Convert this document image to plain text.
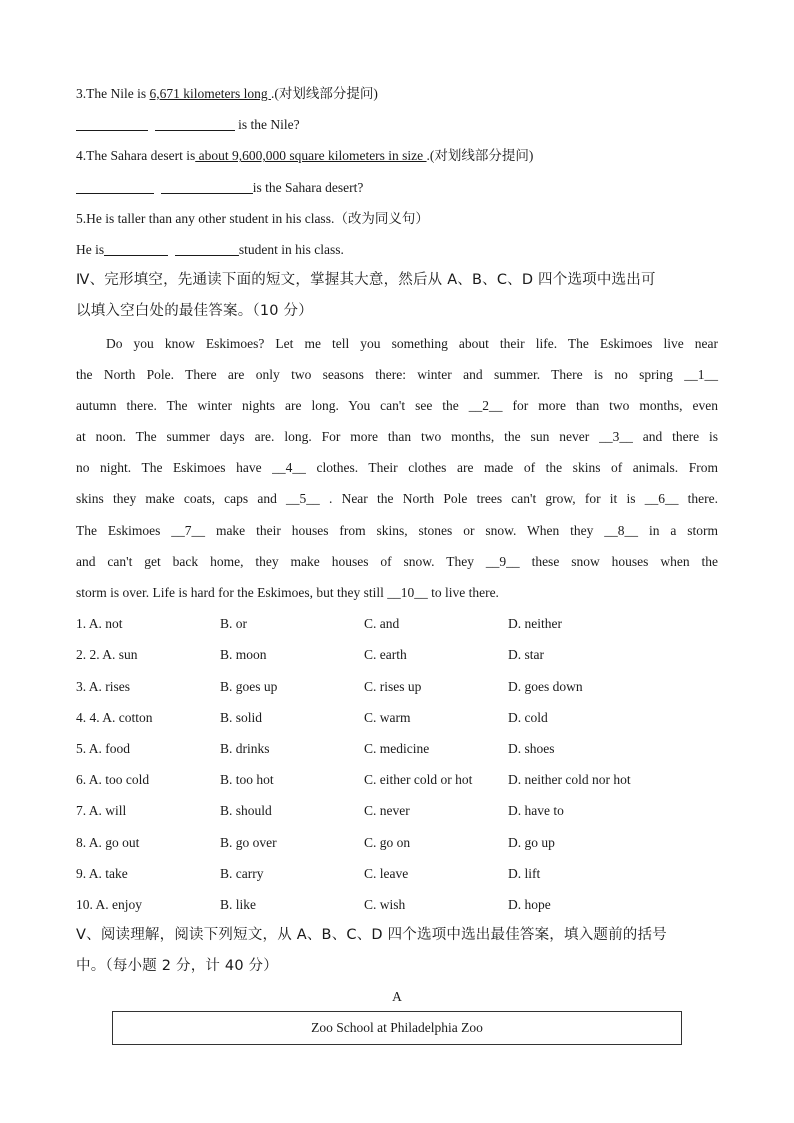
3.The Nile is 6,671 kilometers long .(对划线部分提问)
is the Nile?
4.The Sahara desert is about 9,600,000 square kilometers in size .(对划线部分提问)
is the Sahara desert?
5.He is taller than any other student in his class.（改为同义句）
He is	student in his class.
Ⅳ、完形填空，先通读下面的短文，掌握其大意，然后从 A、B、C、D 四个选项中选出可
以填入空白处的最佳答案。（10 分）
Do you know Eskimoes? Let me tell you something about their life. The Eskimoes live near
the North Pole. There are only two seasons there: winter and summer. There is no spring __1__
autumn there. The winter nights are long. You can't see the __2__ for more than two months, even
at noon. The summer days are. long. For more than two months, the sun never __3__ and there is
no night. The Eskimoes have __4__ clothes. Their clothes are made of the skins of animals. From
skins they make coats, caps and __5__ . Near the North Pole trees can't grow, for it is __6__ there.
The Eskimoes __7__ make their houses from skins, stones or snow. When they __8__ in a storm
and can't get back home, they make houses of snow. They __9__ these snow houses when the
storm is over. Life is hard for the Eskimoes, but they still __10__ to live there.
1. A. not	B. or	C. and	D. neither
2. 2. A. sun	B. moon	C. earth	D. star
3. A. rises	B. goes up	C. rises up	D. goes down
4. 4. A. cotton	B. solid	C. warm	D. cold
5. A. food	B. drinks	C. medicine	D. shoes
6. A. too cold	B. too hot	C. either cold or hot	D. neither cold nor hot
7. A. will	B. should	C. never	D. have to
8. A. go out	B. go over	C. go on	D. go up
9. A. take	B. carry	C. leave	D. lift
10. A. enjoy	B. like	C. wish	D. hope
Ⅴ、阅读理解，阅读下列短文，从 A、B、C、D 四个选项中选出最佳答案，填入题前的括号
中。（每小题 2 分，计 40 分）
A
Zoo School at Philadelphia Zoo
